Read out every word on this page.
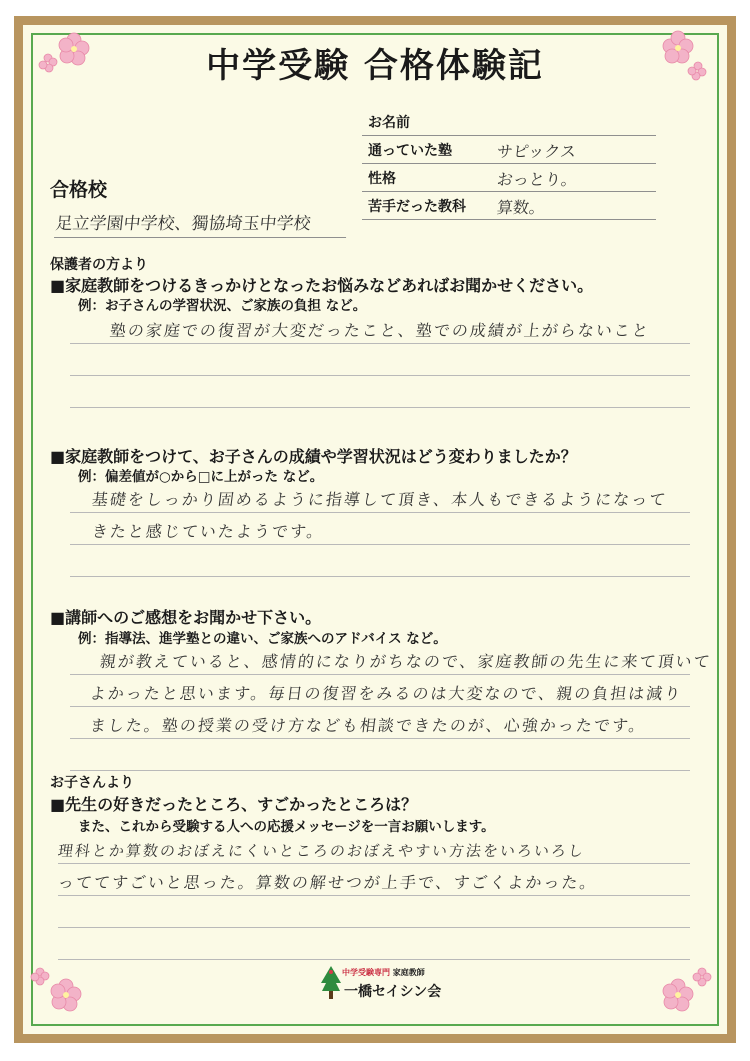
中学受験 合格体験記
お名前
通っていた塾	サピックス
性格	おっとり。
苦手だった教科 算数。
合格校
足立学園中学校、獨協埼玉中学校
保護者の方より
■家庭教師をつけるきっかけとなったお悩みなどあればお聞かせください。
例：お子さんの学習状況、ご家族の負担 など。
塾の家庭での復習が大変だったこと、塾での成績が上がらないこと
■家庭教師をつけて、お子さんの成績や学習状況はどう変わりましたか？
例：偏差値が○から□に上がった など。
基礎をしっかり固めるように指導して頂き、本人もできるようになって
きたと感じていたようです。
■講師へのご感想をお聞かせ下さい。
例：指導法、進学塾との違い、ご家族へのアドバイス など。
親が教えていると、感情的になりがちなので、家庭教師の先生に来て頂いて
よかったと思います。毎日の復習をみるのは大変なので、親の負担は減り
ました。塾の授業の受け方なども相談できたのが、心強かったです。
お子さんより
■先生の好きだったところ、すごかったところは？
また、これから受験する人への応援メッセージを一言お願いします。
理科とか算数のおぼえにくいところのおぼえやすい方法をいろいろし
っててすごいと思った。算数の解せつが上手で、すごくよかった。
中学受験専門 家庭教師
一橋セイシン会
